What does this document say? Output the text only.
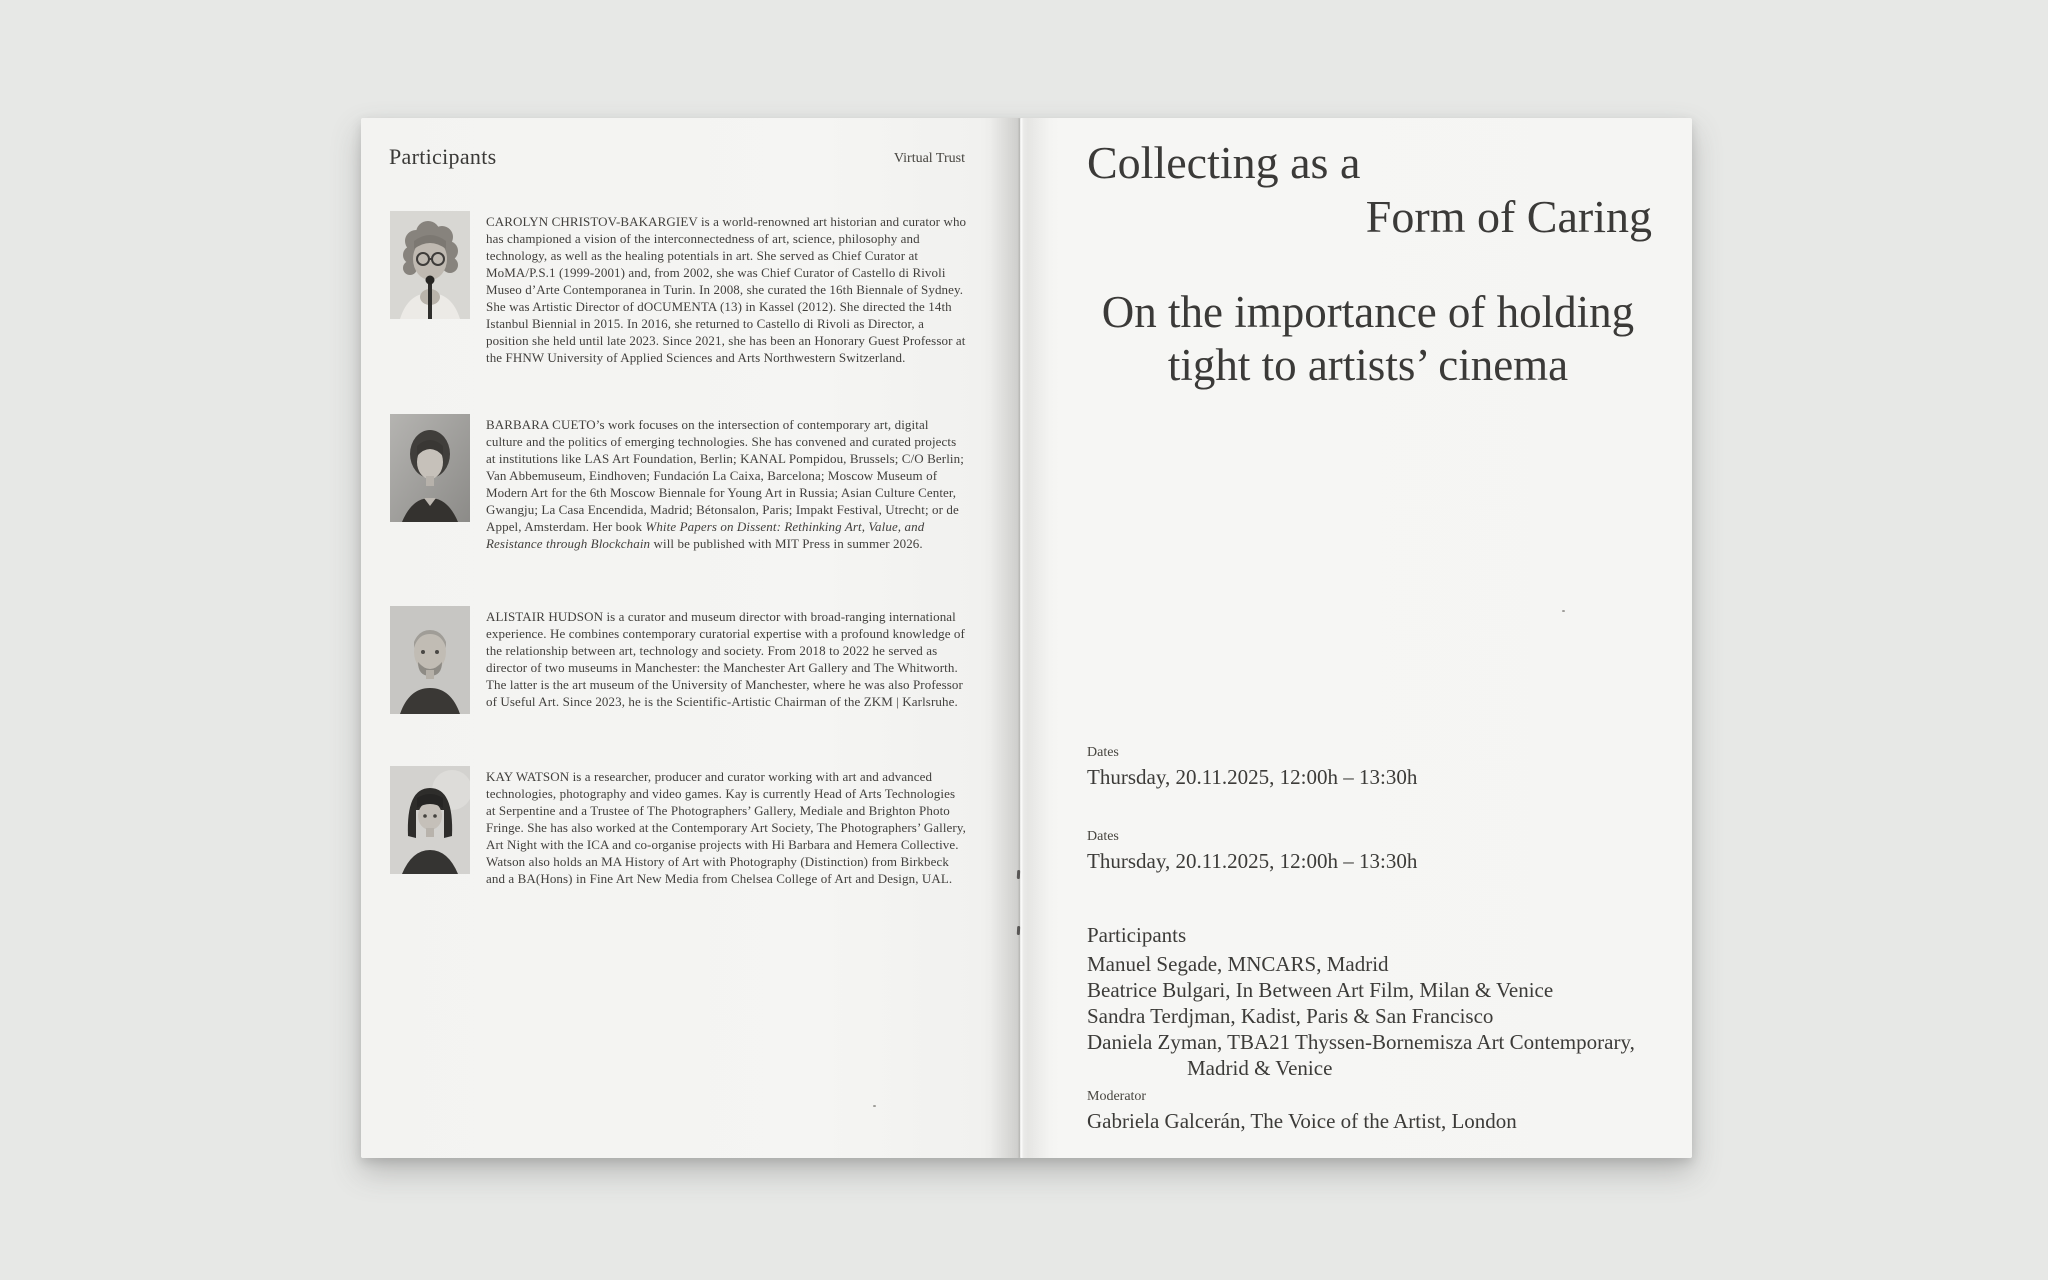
Participants	Virtual Trust

CAROLYN CHRISTOV-BAKARGIEV is a world-renowned art historian and curator who has championed a vision of the interconnectedness of art, science, philosophy and technology, as well as the healing potentials in art. She served as Chief Curator at MoMA/P.S.1 (1999-2001) and, from 2002, she was Chief Curator of Castello di Rivoli Museo d’Arte Contemporanea in Turin. In 2008, she curated the 16th Biennale of Sydney. She was Artistic Director of dOCUMENTA (13) in Kassel (2012). She directed the 14th Istanbul Biennial in 2015. In 2016, she returned to Castello di Rivoli as Director, a position she held until late 2023. Since 2021, she has been an Honorary Guest Professor at the FHNW University of Applied Sciences and Arts Northwestern Switzerland.

BARBARA CUETO’s work focuses on the intersection of contemporary art, digital culture and the politics of emerging technologies. She has convened and curated projects at institutions like LAS Art Foundation, Berlin; KANAL Pompidou, Brussels; C/O Berlin; Van Abbemuseum, Eindhoven; Fundación La Caixa, Barcelona; Moscow Museum of Modern Art for the 6th Moscow Biennale for Young Art in Russia; Asian Culture Center, Gwangju; La Casa Encendida, Madrid; Bétonsalon, Paris; Impakt Festival, Utrecht; or de Appel, Amsterdam. Her book White Papers on Dissent: Rethinking Art, Value, and Resistance through Blockchain will be published with MIT Press in summer 2026.

ALISTAIR HUDSON is a curator and museum director with broad-ranging international experience. He combines contemporary curatorial expertise with a profound knowledge of the relationship between art, technology and society. From 2018 to 2022 he served as director of two museums in Manchester: the Manchester Art Gallery and The Whitworth. The latter is the art museum of the University of Manchester, where he was also Professor of Useful Art. Since 2023, he is the Scientific-Artistic Chairman of the ZKM | Karlsruhe.

KAY WATSON is a researcher, producer and curator working with art and advanced technologies, photography and video games. Kay is currently Head of Arts Technologies at Serpentine and a Trustee of The Photographers’ Gallery, Mediale and Brighton Photo Fringe. She has also worked at the Contemporary Art Society, The Photographers’ Gallery, Art Night with the ICA and co-organise projects with Hi Barbara and Hemera Collective. Watson also holds an MA History of Art with Photography (Distinction) from Birkbeck and a BA(Hons) in Fine Art New Media from Chelsea College of Art and Design, UAL.

Collecting as a
Form of Caring
On the importance of holding
tight to artists’ cinema
Dates
Thursday, 20.11.2025, 12:00h – 13:30h
Dates
Thursday, 20.11.2025, 12:00h – 13:30h
Participants
Manuel Segade, MNCARS, Madrid
Beatrice Bulgari, In Between Art Film, Milan & Venice
Sandra Terdjman, Kadist, Paris & San Francisco
Daniela Zyman, TBA21 Thyssen-Bornemisza Art Contemporary,
Madrid & Venice
Moderator
Gabriela Galcerán, The Voice of the Artist, London
